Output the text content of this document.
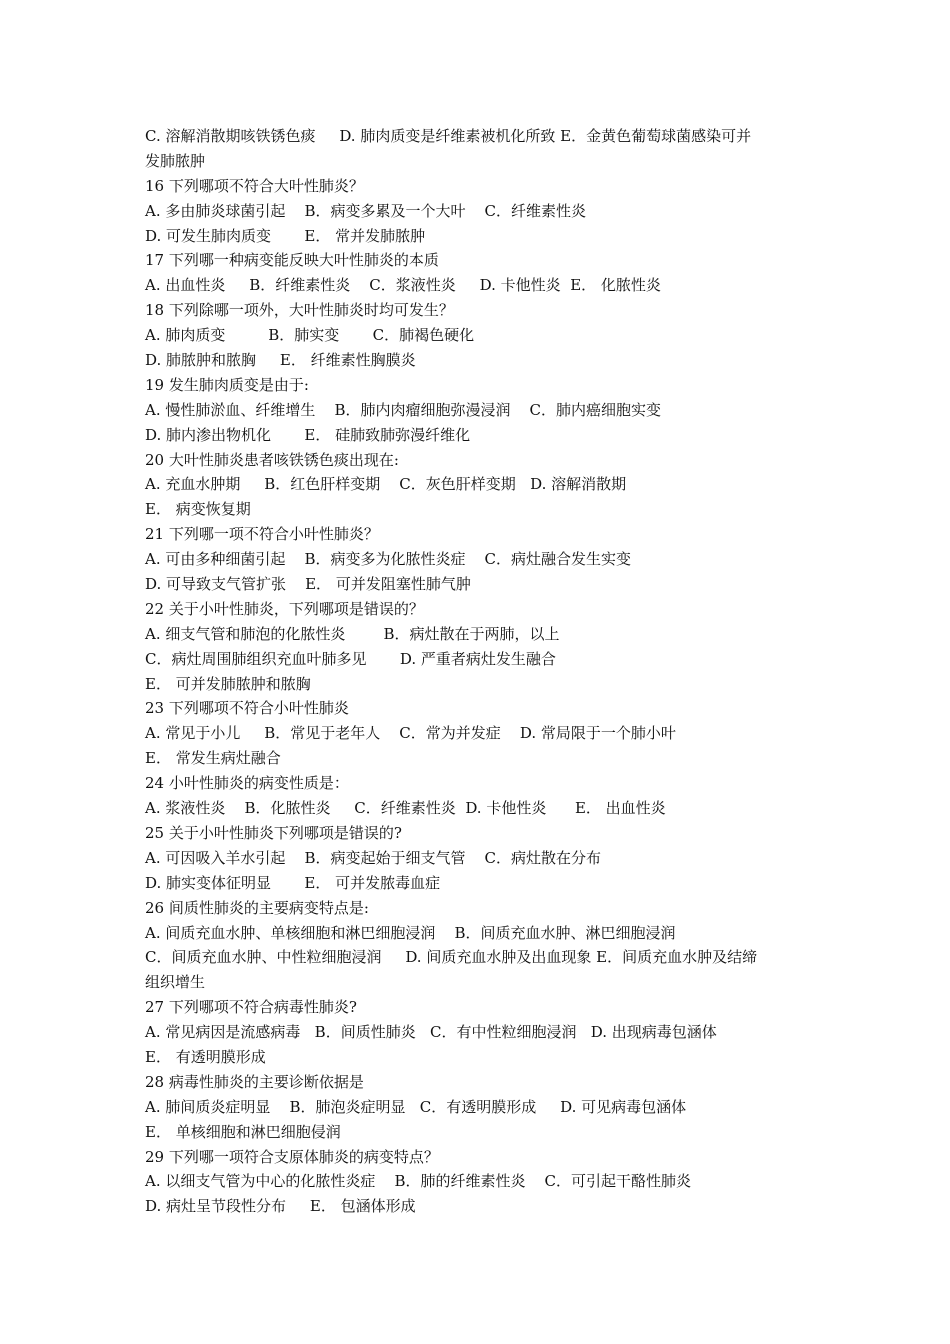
C. 溶解消散期咳铁锈色痰     D. 肺肉质变是纤维素被机化所致 E．金黄色葡萄球菌感染可并
发肺脓肿
16 下列哪项不符合大叶性肺炎？
A. 多由肺炎球菌引起    B．病变多累及一个大叶    C．纤维素性炎
D. 可发生肺肉质变       E． 常并发肺脓肿
17 下列哪一种病变能反映大叶性肺炎的本质
A. 出血性炎     B．纤维素性炎    C．浆液性炎     D. 卡他性炎  E． 化脓性炎
18 下列除哪一项外，大叶性肺炎时均可发生？
A. 肺肉质变         B．肺实变       C．肺褐色硬化
D. 肺脓肿和脓胸     E． 纤维素性胸膜炎
19 发生肺肉质变是由于:
A. 慢性肺淤血、纤维增生    B．肺内肉瘤细胞弥漫浸润    C．肺内癌细胞实变
D. 肺内渗出物机化       E． 硅肺致肺弥漫纤维化
20 大叶性肺炎患者咳铁锈色痰出现在:
A. 充血水肿期     B．红色肝样变期    C．灰色肝样变期   D. 溶解消散期
E． 病变恢复期
21 下列哪一项不符合小叶性肺炎？
A. 可由多种细菌引起    B．病变多为化脓性炎症    C．病灶融合发生实变
D. 可导致支气管扩张    E． 可并发阻塞性肺气肿
22 关于小叶性肺炎，下列哪项是错误的？
A. 细支气管和肺泡的化脓性炎        B．病灶散在于两肺，以上
C．病灶周围肺组织充血叶肺多见       D. 严重者病灶发生融合
E． 可并发肺脓肿和脓胸
23 下列哪项不符合小叶性肺炎
A. 常见于小儿     B．常见于老年人    C．常为并发症    D. 常局限于一个肺小叶
E． 常发生病灶融合
24 小叶性肺炎的病变性质是：
A. 浆液性炎    B．化脓性炎     C．纤维素性炎  D. 卡他性炎      E． 出血性炎
25 关于小叶性肺炎下列哪项是错误的?
A. 可因吸入羊水引起    B．病变起始于细支气管    C．病灶散在分布
D. 肺实变体征明显       E． 可并发脓毒血症
26 间质性肺炎的主要病变特点是:
A. 间质充血水肿、单核细胞和淋巴细胞浸润    B．间质充血水肿、淋巴细胞浸润
C．间质充血水肿、中性粒细胞浸润     D. 间质充血水肿及出血现象 E．间质充血水肿及结缔
组织增生
27 下列哪项不符合病毒性肺炎?
A. 常见病因是流感病毒   B．间质性肺炎   C．有中性粒细胞浸润   D. 出现病毒包涵体
E． 有透明膜形成
28 病毒性肺炎的主要诊断依据是
A. 肺间质炎症明显    B．肺泡炎症明显   C．有透明膜形成     D. 可见病毒包涵体
E． 单核细胞和淋巴细胞侵润
29 下列哪一项符合支原体肺炎的病变特点？
A. 以细支气管为中心的化脓性炎症    B．肺的纤维素性炎    C．可引起干酪性肺炎
D. 病灶呈节段性分布     E． 包涵体形成
